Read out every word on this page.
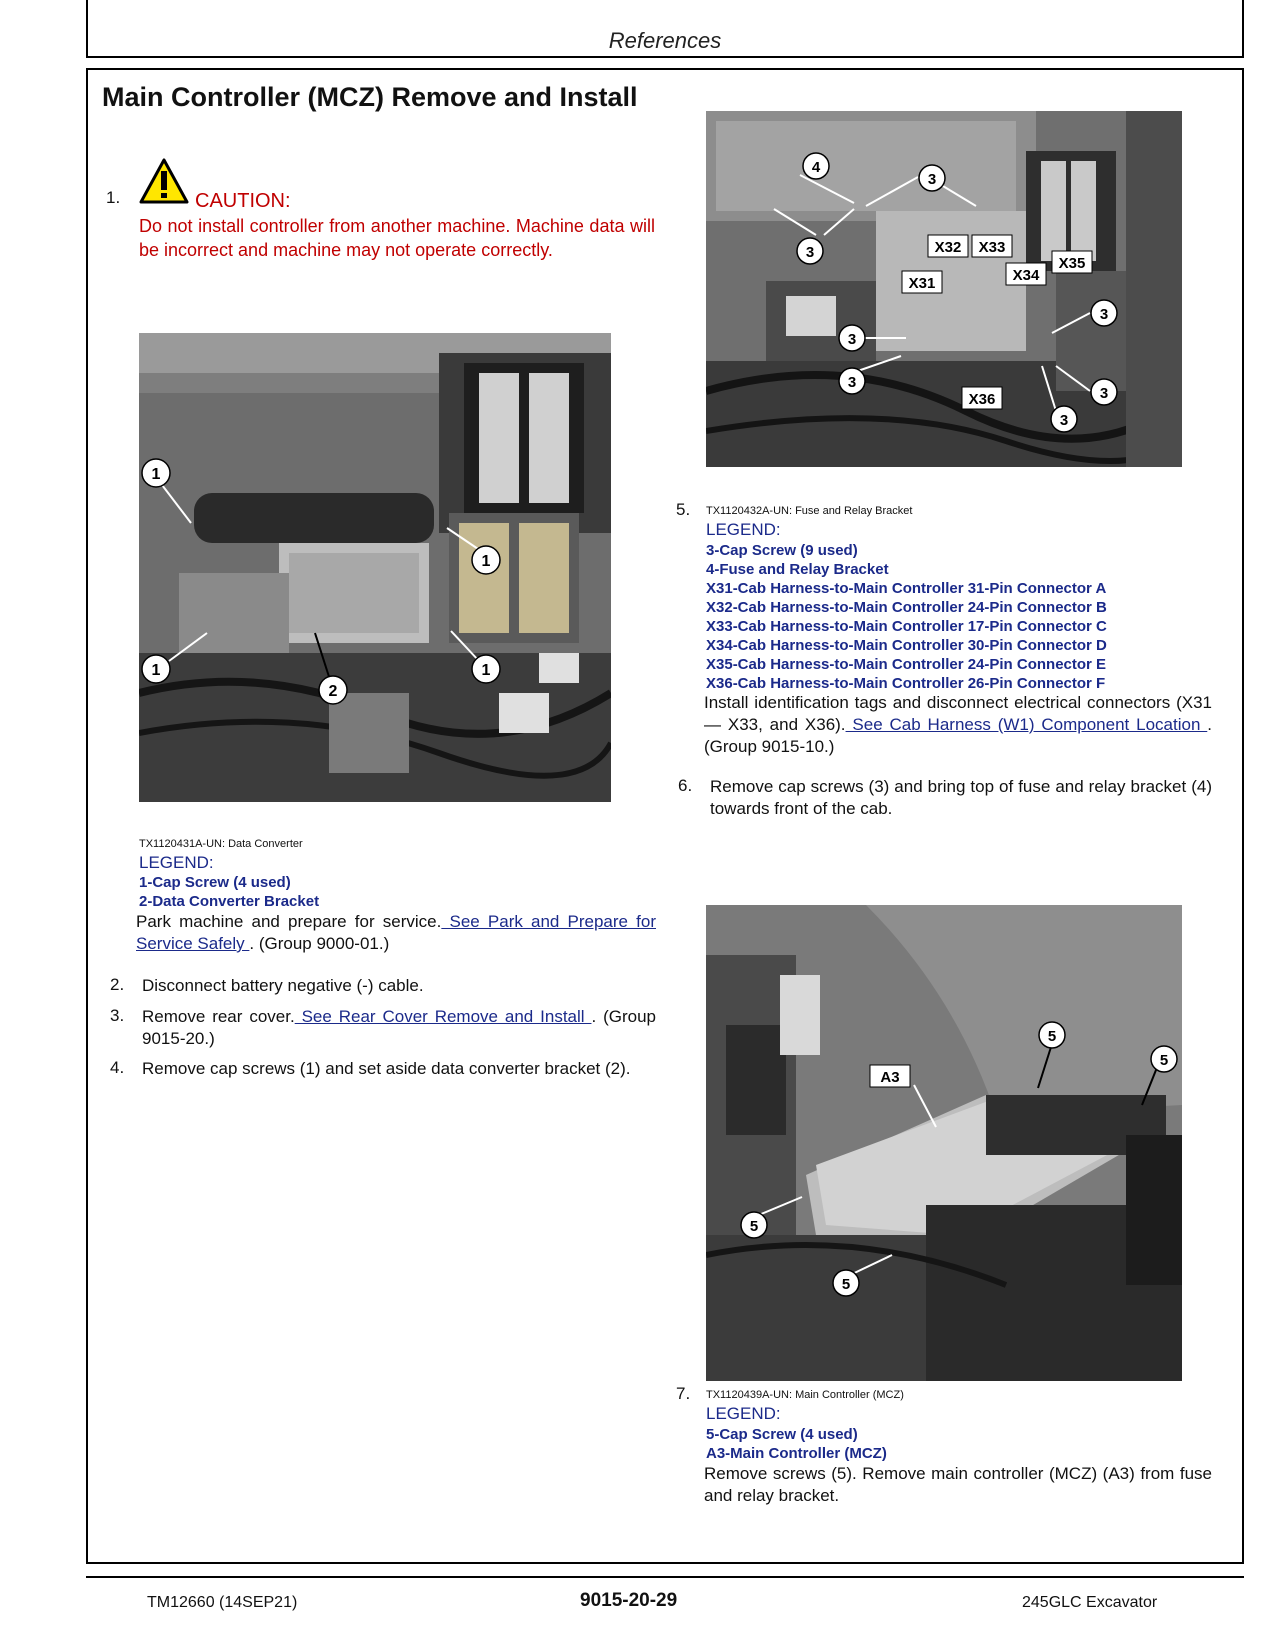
References
Main Controller (MCZ) Remove and Install
1.	CAUTION:
Do not install controller from another machine. Machine data will be incorrect and machine may not operate correctly.
1
1
1	1
2
TX1120431A-UN: Data Converter
LEGEND:
1-Cap Screw (4 used)
2-Data Converter Bracket
Park machine and prepare for service. See Park and Prepare for Service Safely . (Group 9000-01.)
2. Disconnect battery negative (-) cable.
3. Remove rear cover. See Rear Cover Remove and Install . (Group 9015-20.)
4. Remove cap screws (1) and set aside data converter bracket (2).
4
3
3
3
3
3
3
3
X32 X33
X31	X34
X35
X36
5. TX1120432A-UN: Fuse and Relay Bracket
LEGEND:
3-Cap Screw (9 used)
4-Fuse and Relay Bracket
X31-Cab Harness-to-Main Controller 31-Pin Connector A
X32-Cab Harness-to-Main Controller 24-Pin Connector B
X33-Cab Harness-to-Main Controller 17-Pin Connector C
X34-Cab Harness-to-Main Controller 30-Pin Connector D
X35-Cab Harness-to-Main Controller 24-Pin Connector E
X36-Cab Harness-to-Main Controller 26-Pin Connector F
Install identification tags and disconnect electrical connectors (X31— X33, and X36). See Cab Harness (W1) Component Location . (Group 9015-10.)
6. Remove cap screws (3) and bring top of fuse and relay bracket (4) towards front of the cab.
5
5
5
5
A3
7. TX1120439A-UN: Main Controller (MCZ)
LEGEND:
5-Cap Screw (4 used)
A3-Main Controller (MCZ)
Remove screws (5). Remove main controller (MCZ) (A3) from fuse and relay bracket.
TM12660 (14SEP21)	9015-20-29	245GLC Excavator
